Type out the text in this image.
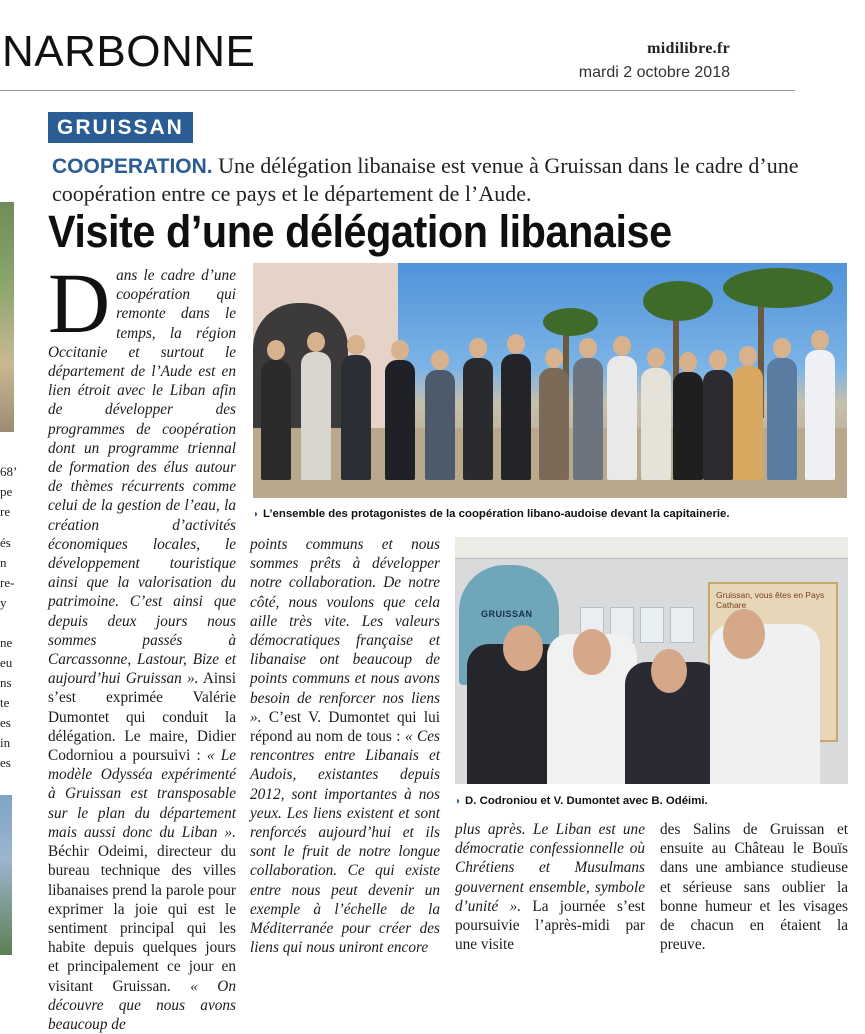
68’
pe
re
és
n
re-
y
ne
eu
ns
te
es
in
es
NARBONNE	midilibre.fr
mardi 2 octobre 2018
GRUISSAN
COOPERATION. Une délégation libanaise est venue à Gruissan dans le cadre d’une coopération entre ce pays et le département de l’Aude.
Visite d’une délégation libanaise
◗ L’ensemble des protagonistes de la coopération libano-audoise devant la capitainerie.
GRUISSAN
Gruissan, vous êtes en Pays Cathare
◗ D. Codroniou et V. Dumontet avec B. Odéimi.
Dans le cadre d’une coopération qui remonte dans le temps, la région Occitanie et surtout le département de l’Aude est en lien étroit avec le Liban afin de développer des programmes de coopération dont un programme triennal de formation des élus autour de thèmes récurrents comme celui de la gestion de l’eau, la création d’activités économiques locales, le développement touristique ainsi que la valorisation du patrimoine. C’est ainsi que depuis deux jours nous sommes passés à Carcassonne, Lastour, Bize et aujourd’hui Gruissan ». Ainsi s’est exprimée Valérie Dumontet qui conduit la délégation. Le maire, Didier Codorniou a poursuivi : « Le modèle Odysséa expérimenté à Gruissan est transposable sur le plan du département mais aussi donc du Liban ». Béchir Odeimi, directeur du bureau technique des villes libanaises prend la parole pour exprimer la joie qui est le sentiment principal qui les habite depuis quelques jours et principalement ce jour en visitant Gruissan. « On découvre que nous avons beaucoup de
points communs et nous sommes prêts à développer notre collaboration. De notre côté, nous voulons que cela aille très vite. Les valeurs démocratiques française et libanaise ont beaucoup de points communs et nous avons besoin de renforcer nos liens ». C’est V. Dumontet qui lui répond au nom de tous : « Ces rencontres entre Libanais et Audois, existantes depuis 2012, sont importantes à nos yeux. Les liens existent et sont renforcés aujourd’hui et ils sont le fruit de notre longue collaboration. Ce qui existe entre nous peut devenir un exemple à l’échelle de la Méditerranée pour créer des liens qui nous uniront encore
plus après. Le Liban est une démocratie confessionnelle où Chrétiens et Musulmans gouvernent ensemble, symbole d’unité ». La journée s’est poursuivie l’après-midi par une visite
des Salins de Gruissan et ensuite au Château le Bouïs dans une ambiance studieuse et sérieuse sans oublier la bonne humeur et les visages de chacun en étaient la preuve.
